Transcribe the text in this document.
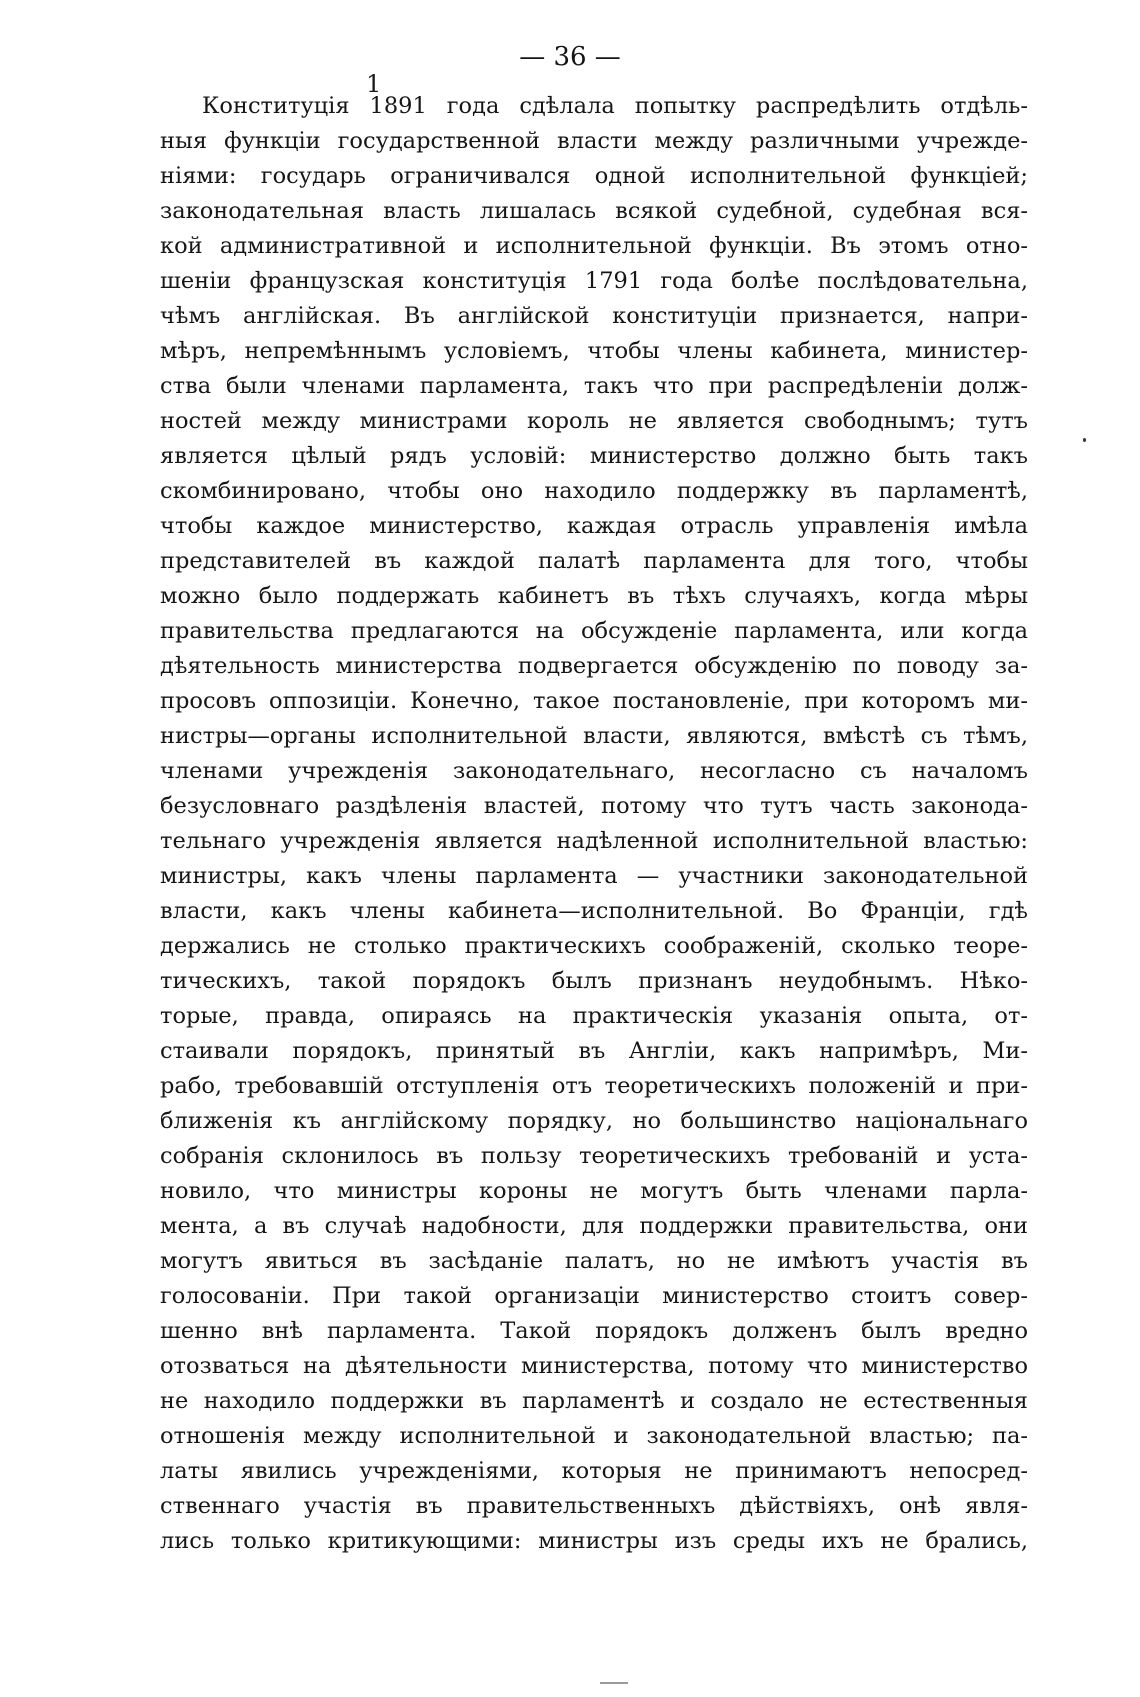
— 36 —
1
Конституція 1891 года сдѣлала попытку распредѣлить отдѣль-
ныя функціи государственной власти между различными учрежде-
ніями: государь ограничивался одной исполнительной функціей;
законодательная власть лишалась всякой судебной, судебная вся-
кой административной и исполнительной функціи. Въ этомъ отно-
шеніи французская конституція 1791 года болѣе послѣдовательна,
чѣмъ англійская. Въ англійской конституціи признается, напри-
мѣръ, непремѣннымъ условіемъ, чтобы члены кабинета, министер-
ства были членами парламента, такъ что при распредѣленіи долж-
ностей между министрами король не является свободнымъ; тутъ
является цѣлый рядъ условій: министерство должно быть такъ
скомбинировано, чтобы оно находило поддержку въ парламентѣ,
чтобы каждое министерство, каждая отрасль управленія имѣла
представителей въ каждой палатѣ парламента для того, чтобы
можно было поддержать кабинетъ въ тѣхъ случаяхъ, когда мѣры
правительства предлагаются на обсужденіе парламента, или когда
дѣятельность министерства подвергается обсужденію по поводу за-
просовъ оппозиціи. Конечно, такое постановленіе, при которомъ ми-
нистры—органы исполнительной власти, являются, вмѣстѣ съ тѣмъ,
членами учрежденія законодательнаго, несогласно съ началомъ
безусловнаго раздѣленія властей, потому что тутъ часть законода-
тельнаго учрежденія является надѣленной исполнительной властью:
министры, какъ члены парламента — участники законодательной
власти, какъ члены кабинета—исполнительной. Во Франціи, гдѣ
держались не столько практическихъ соображеній, сколько теоре-
тическихъ, такой порядокъ былъ признанъ неудобнымъ. Нѣко-
торые, правда, опираясь на практическія указанія опыта, от-
стаивали порядокъ, принятый въ Англіи, какъ напримѣръ, Ми-
рабо, требовавшій отступленія отъ теоретическихъ положеній и при-
ближенія къ англійскому порядку, но большинство національнаго
собранія склонилось въ пользу теоретическихъ требованій и уста-
новило, что министры короны не могутъ быть членами парла-
мента, а въ случаѣ надобности, для поддержки правительства, они
могутъ явиться въ засѣданіе палатъ, но не имѣютъ участія въ
голосованіи. При такой организаціи министерство стоитъ совер-
шенно внѣ парламента. Такой порядокъ долженъ былъ вредно
отозваться на дѣятельности министерства, потому что министерство
не находило поддержки въ парламентѣ и создало не естественныя
отношенія между исполнительной и законодательной властью; па-
латы явились учрежденіями, которыя не принимаютъ непосред-
ственнаго участія въ правительственныхъ дѣйствіяхъ, онѣ явля-
лись только критикующими: министры изъ среды ихъ не брались,
